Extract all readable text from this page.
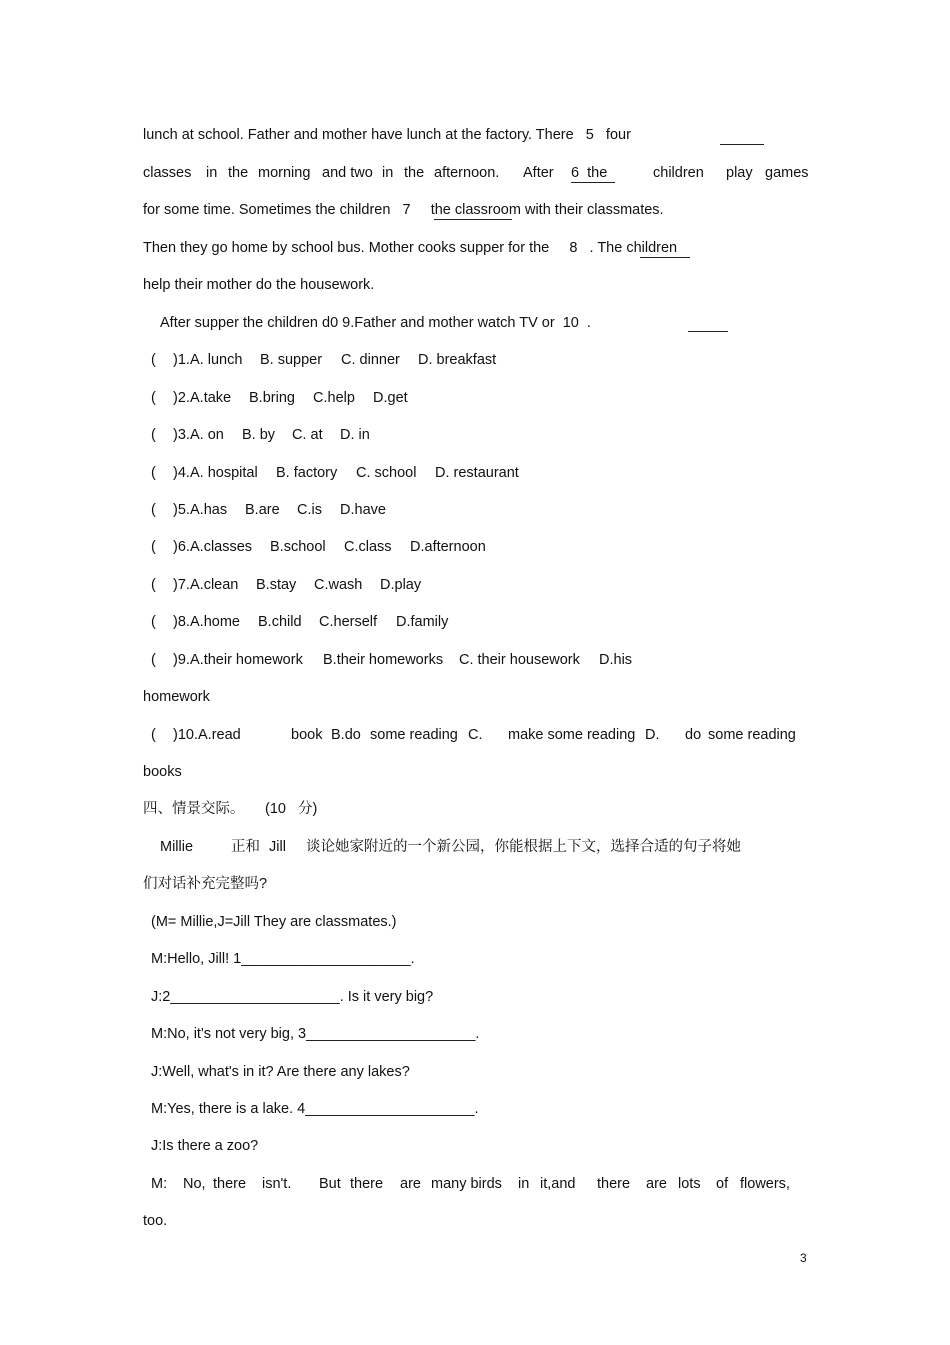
lunch at school. Father and mother have lunch at the factory. There   5   four
classes in the morning and two in the afternoon. After 6  the	children play games
for some time. Sometimes the children   7     the classroom with their classmates.
Then they go home by school bus. Mother cooks supper for the     8   . The children
help their mother do the housework.
After supper the children d0 9.Father and mother watch TV or  10  .
( )1. A. lunch B. supper C. dinner D. breakfast
( )2. A.take B.bring C.help D.get
( )3. A. on B. by C. at D. in
( )4. A. hospital B. factory C. school D. restaurant
( )5. A.has B.are C.is D.have
( )6. A.classes B.school C.class D.afternoon
( )7. A.clean B.stay C.wash D.play
( )8. A.home B.child C.herself D.family
( )9. A.their homework B.their homeworks C. their housework D.his
homework
( )10. A.read	book B.do some reading C. make some reading D. do some reading
books
四、情景交际。 (10   分)
Millie	正和 Jill 谈论她家附近的一个新公园，你能根据上下文，选择合适的句子将她
们对话补充完整吗?
(M= Millie,J=Jill They are classmates.)
M:Hello, Jill! 1_____________________.
J:2_____________________. Is it very big?
M:No, it's not very big, 3_____________________.
J:Well, what's in it? Are there any lakes?
M:Yes, there is a lake. 4_____________________.
J:Is there a zoo?
M: No, there isn't. But there are many birds in it,and there are lots of flowers,
too.
3
